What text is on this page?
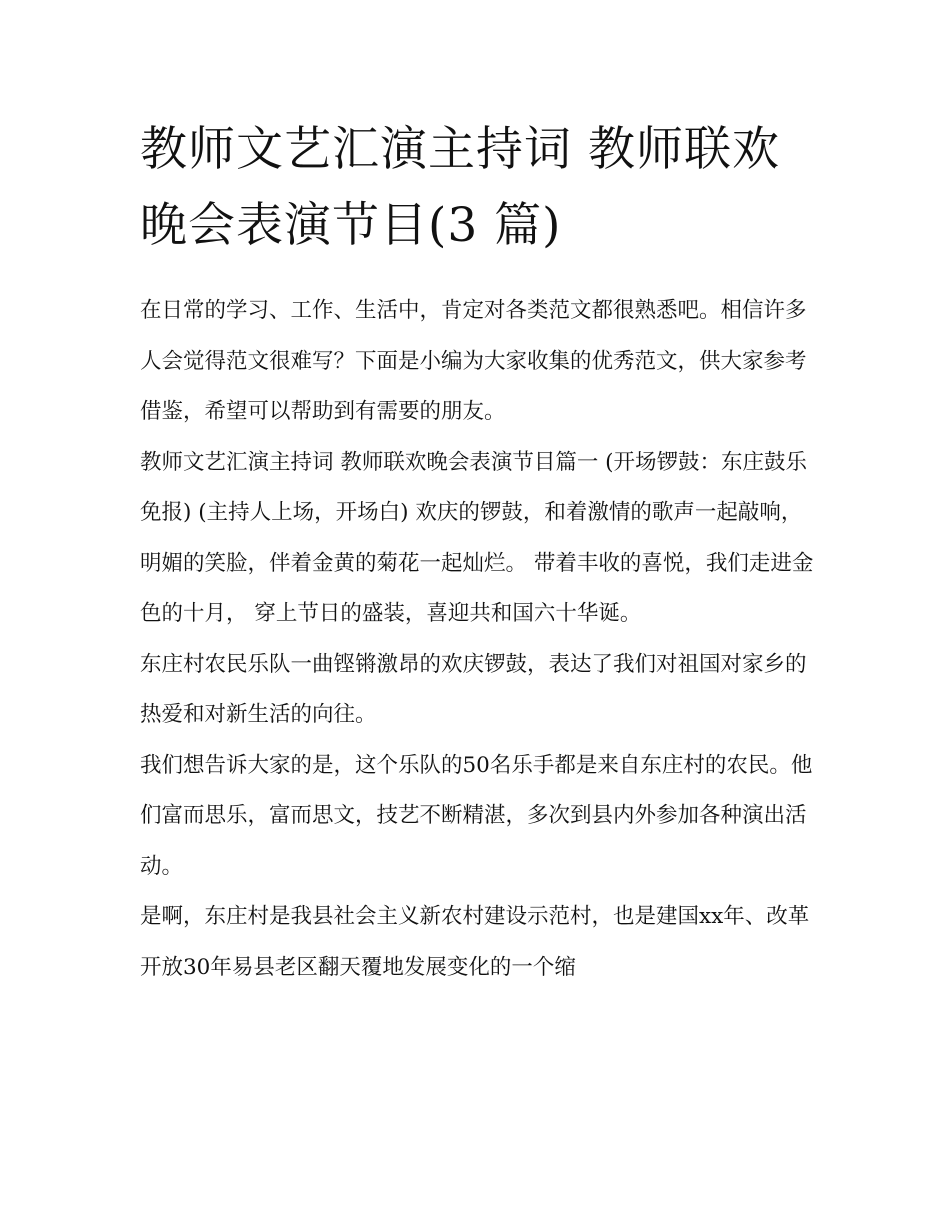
教师文艺汇演主持词 教师联欢晚会表演节目(3 篇)

在日常的学习、工作、生活中，肯定对各类范文都很熟悉吧。相信许多人会觉得范文很难写？下面是小编为大家收集的优秀范文，供大家参考借鉴，希望可以帮助到有需要的朋友。

教师文艺汇演主持词 教师联欢晚会表演节目篇一 (开场锣鼓：东庄鼓乐 免报) (主持人上场，开场白) 欢庆的锣鼓，和着激情的歌声一起敲响，

明媚的笑脸，伴着金黄的菊花一起灿烂。 带着丰收的喜悦，我们走进金色的十月， 穿上节日的盛装，喜迎共和国六十华诞。

东庄村农民乐队一曲铿锵激昂的欢庆锣鼓，表达了我们对祖国对家乡的热爱和对新生活的向往。

我们想告诉大家的是，这个乐队的50名乐手都是来自东庄村的农民。他们富而思乐，富而思文，技艺不断精湛，多次到县内外参加各种演出活动。

是啊，东庄村是我县社会主义新农村建设示范村，也是建国xx年、改革开放30年易县老区翻天覆地发展变化的一个缩
